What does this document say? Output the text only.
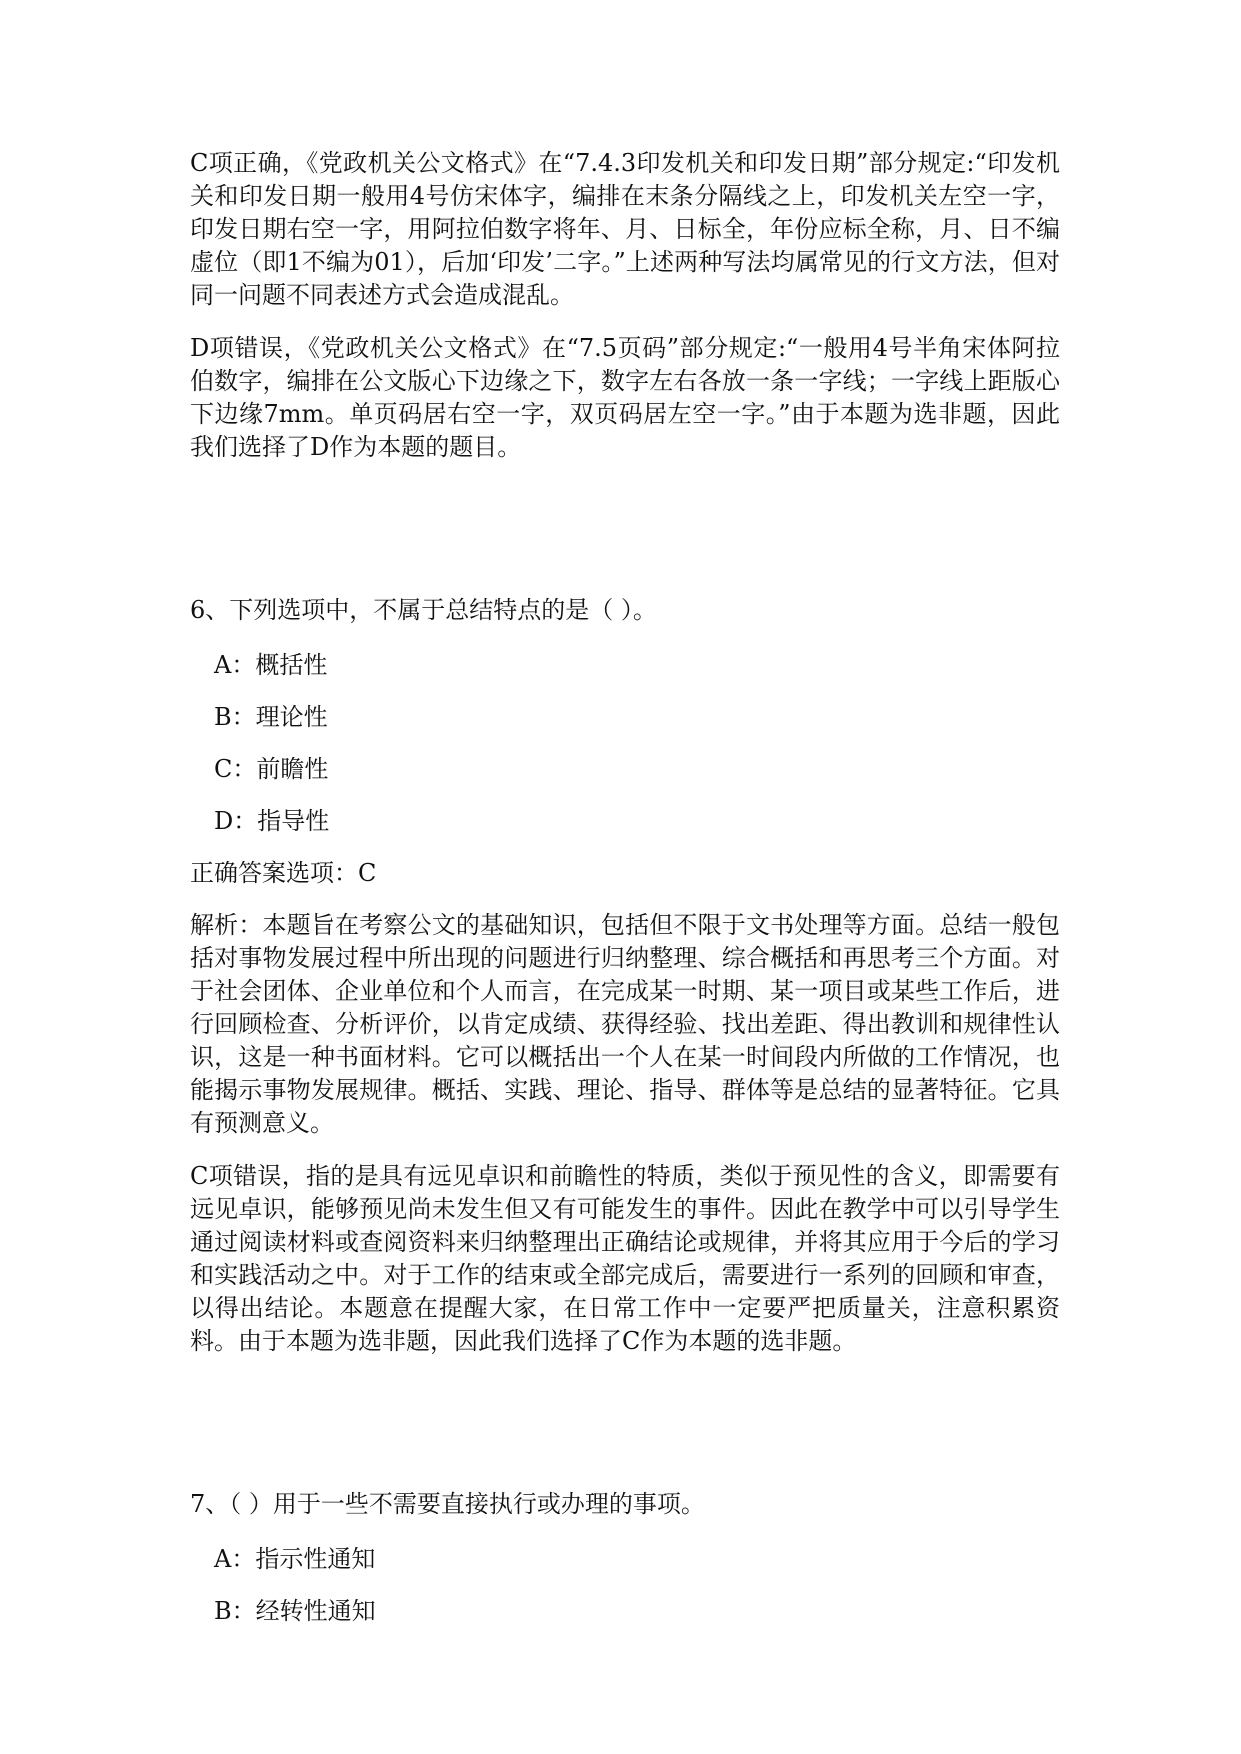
C项正确，《党政机关公文格式》在“7.4.3印发机关和印发日期”部分规定:“印发机关和印发日期一般用4号仿宋体字，编排在末条分隔线之上，印发机关左空一字，印发日期右空一字，用阿拉伯数字将年、月、日标全，年份应标全称，月、日不编虚位（即1不编为01），后加‘印发’二字。”上述两种写法均属常见的行文方法，但对同一问题不同表述方式会造成混乱。

D项错误，《党政机关公文格式》在“7.5页码”部分规定:“一般用4号半角宋体阿拉伯数字，编排在公文版心下边缘之下，数字左右各放一条一字线；一字线上距版心下边缘7mm。单页码居右空一字，双页码居左空一字。”由于本题为选非题，因此我们选择了D作为本题的题目。

6、下列选项中，不属于总结特点的是（ ）。

A：概括性

B：理论性

C：前瞻性

D：指导性

正确答案选项：C

解析：本题旨在考察公文的基础知识，包括但不限于文书处理等方面。总结一般包括对事物发展过程中所出现的问题进行归纳整理、综合概括和再思考三个方面。对于社会团体、企业单位和个人而言，在完成某一时期、某一项目或某些工作后，进行回顾检查、分析评价，以肯定成绩、获得经验、找出差距、得出教训和规律性认识，这是一种书面材料。它可以概括出一个人在某一时间段内所做的工作情况，也能揭示事物发展规律。概括、实践、理论、指导、群体等是总结的显著特征。它具有预测意义。

C项错误，指的是具有远见卓识和前瞻性的特质，类似于预见性的含义，即需要有远见卓识，能够预见尚未发生但又有可能发生的事件。因此在教学中可以引导学生通过阅读材料或查阅资料来归纳整理出正确结论或规律，并将其应用于今后的学习和实践活动之中。对于工作的结束或全部完成后，需要进行一系列的回顾和审查，以得出结论。本题意在提醒大家，在日常工作中一定要严把质量关，注意积累资料。由于本题为选非题，因此我们选择了C作为本题的选非题。

7、（ ）用于一些不需要直接执行或办理的事项。

A：指示性通知

B：经转性通知
